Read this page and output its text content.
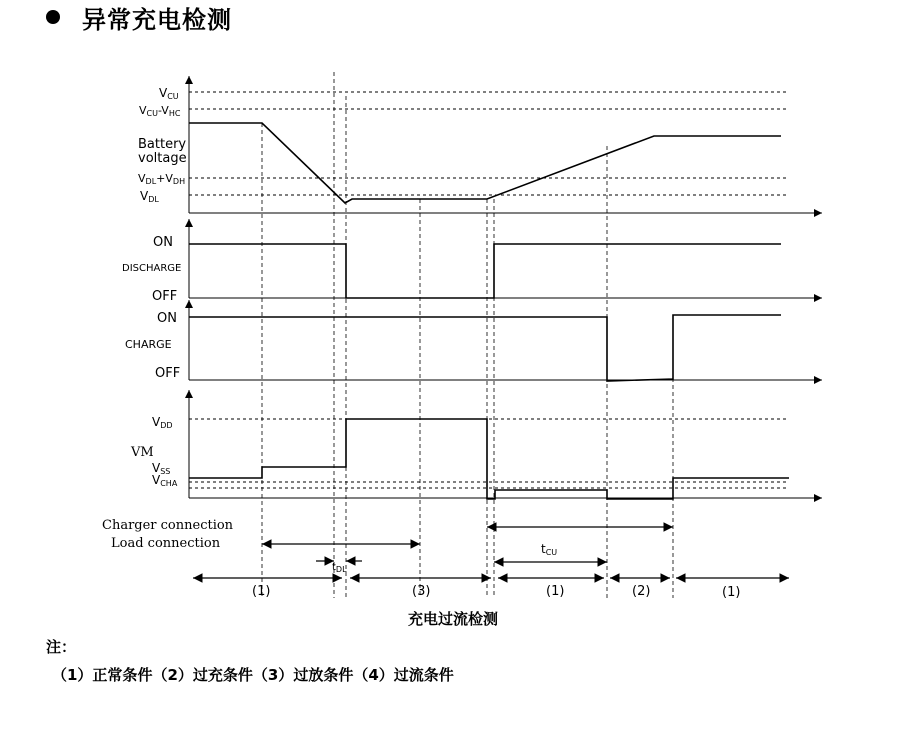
异常充电检测
VCU
VCU-VHC
Battery
voltage
VDL+VDH
VDL
ON
DISCHARGE
OFF
ON
CHARGE
OFF
VDD
VM
VSS
VCHA
Charger connection
Load connection
$t_{DL}$
tCU
(1)	(3)	(1)	(2)	(1)
充电过流检测
注：
（1）正常条件（2）过充条件（3）过放条件（4）过流条件
